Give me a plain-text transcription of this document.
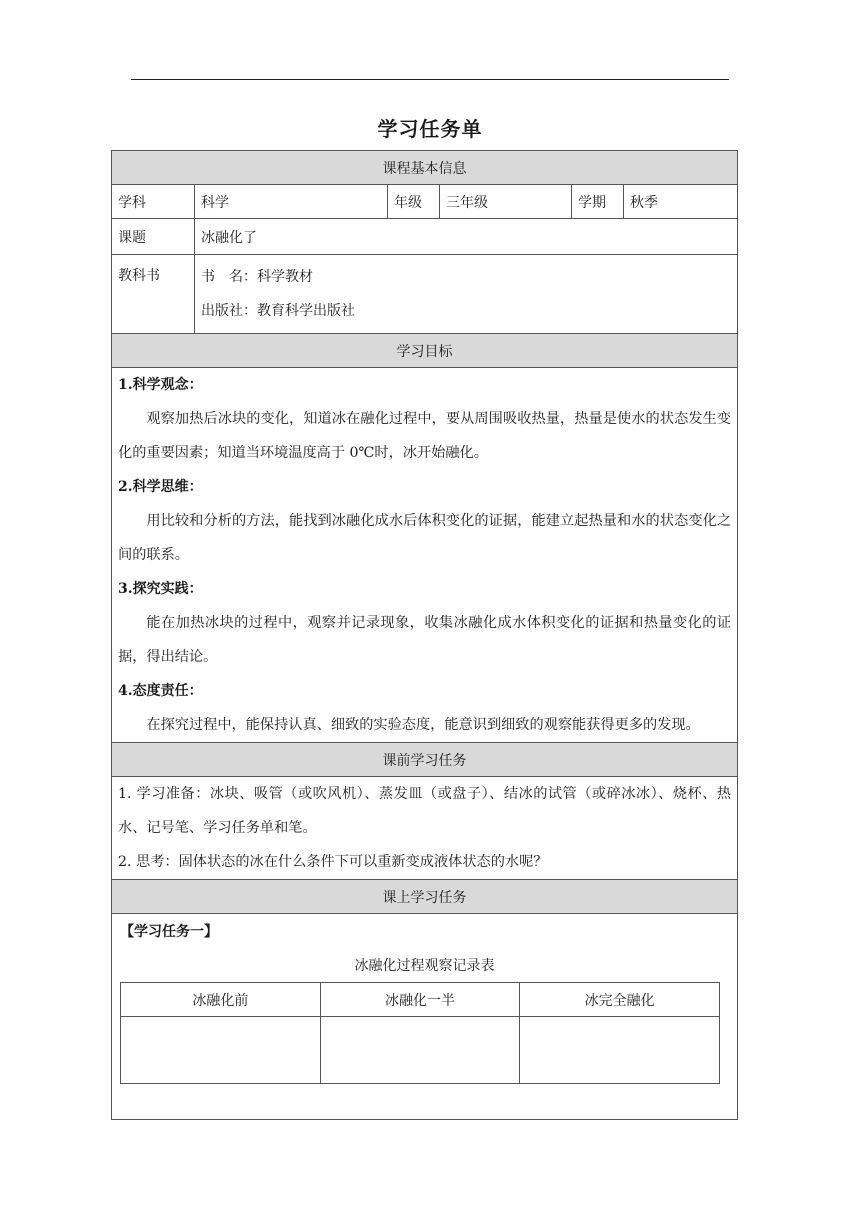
学习任务单
课程基本信息
学科	科学	年级	三年级	学期	秋季
课题	冰融化了
教科书	书　名：科学教材
出版社：教育科学出版社

学习目标

1.科学观念：
观察加热后冰块的变化，知道冰在融化过程中，要从周围吸收热量，热量是使水的状态发生变化的重要因素；知道当环境温度高于 0℃时，冰开始融化。
2.科学思维：
用比较和分析的方法，能找到冰融化成水后体积变化的证据，能建立起热量和水的状态变化之间的联系。
3.探究实践：
能在加热冰块的过程中，观察并记录现象，收集冰融化成水体积变化的证据和热量变化的证据，得出结论。
4.态度责任：
在探究过程中，能保持认真、细致的实验态度，能意识到细致的观察能获得更多的发现。

课前学习任务

1. 学习准备：冰块、吸管（或吹风机）、蒸发皿（或盘子）、结冰的试管（或碎冰冰）、烧杯、热水、记号笔、学习任务单和笔。
2. 思考：固体状态的冰在什么条件下可以重新变成液体状态的水呢？

课上学习任务

【学习任务一】
冰融化过程观察记录表
冰融化前	冰融化一半	冰完全融化
